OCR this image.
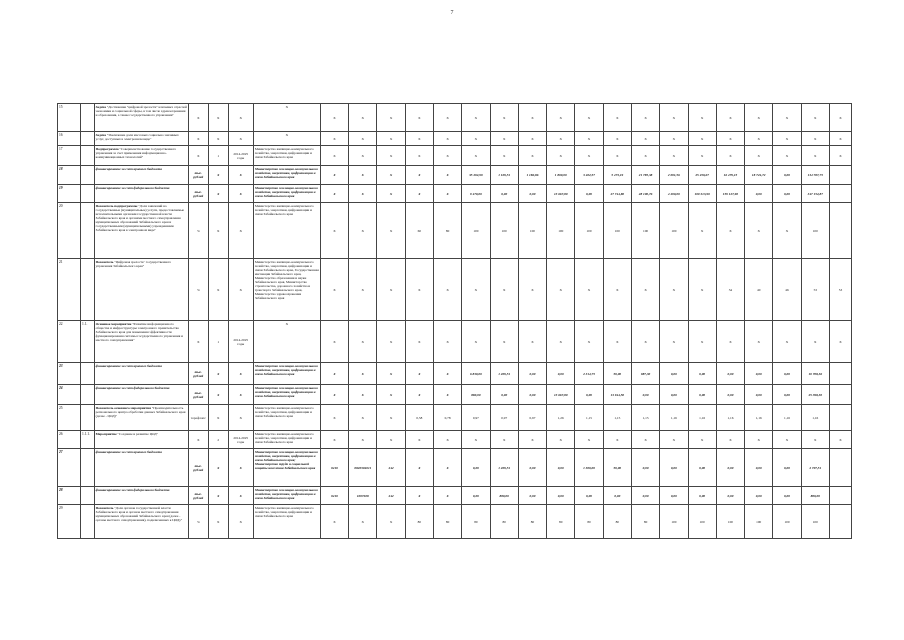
7
15		Задача "Достижение "цифровой зрелости" ключевых отраслей экономики и социальной сферы, в том числе здравоохранения и образования, а также государственного управления"	Х	Х	Х	Х	Х	Х	Х	Х	Х	Х	Х	Х	Х	Х	Х	Х	Х	Х	Х	Х	Х	Х	Х
16		Задача "Увеличение доли массовых социально значимых услуг, доступных в электронном виде"	Х	Х	Х	Х	Х	Х	Х	Х	Х	Х	Х	Х	Х	Х	Х	Х	Х	Х	Х	Х	Х	Х	Х
17		Подпрограмма "Совершенствование государственного управления за счет применения информационно-коммуникационных технологий"	Х	1	2014-2025 годы	Министерство жилищно-коммунального хозяйства, энергетики, цифровизации и связи Забайкальского края	Х	Х	Х	Х	Х	Х	Х	Х	Х	Х	Х	Х	Х	Х	Х	Х	Х	Х	Х
18		финансирование за счет краевого бюджета	тыс. рублей	Х	Х	Министерство жилищно-коммунального хозяйства, энергетики, цифровизации и связи Забайкальского края	Х	Х	Х	Х	Х	35 292,99	1 109,51	1 186,86	1 800,00	3 402,57	5 473,19	21 785,38	2 001,56	25 450,67	16 479,15	18 724,72	0,00	134 787,75	
19		финансирование за счет федерального бюджета	тыс. рублей	Х	Х	Министерство жилищно-коммунального хозяйства, энергетики, цифровизации и связи Забайкальского края	Х	Х	Х	Х	Х	9 470,00	0,00	0,00	13 667,80	0,00	27 744,80	28 100,76	4 200,00	100 313,90	159 127,90	0,00	0,00	347 152,87	
20		Показатель подпрограммы "Доля заявлений на государственные (муниципальные) услуги, предоставляемые исполнительными органами государственной власти Забайкальского края и органами местного самоуправления муниципальных образований Забайкальского края и государственными (муниципальными) учреждениями Забайкальского края в электронном виде"	%	Х	Х	Министерство жилищно-коммунального хозяйства, энергетики, цифровизации и связи Забайкальского края	Х	Х	Х	60	80	100	100	100	100	100	100	100	100	Х	Х	Х	Х	100	
21		Показатель "Цифровая зрелость" государственного управления Забайкальского края"	%	Х	Х	Министерство жилищно-коммунального хозяйства, энергетики, цифровизации и связи Забайкальского края, Государственная инспекция Забайкальского края, Министерство образования и науки Забайкальского края, Министерство строительства, дорожного хозяйства и транспорта Забайкальского края, Министерство здравоохранения Забайкальского края	Х	Х	Х	Х	Х	Х	Х	Х	Х	Х	Х	Х	Х	Х	34	40	46	53	53
22	1.1.	Основное мероприятие "Развитие информационного общества и инфраструктуры электронного правительства Забайкальского края для повышения эффективности функционирования системы государственного управления и местного самоуправления"	Х	1	2014-2025 годы	Х	Х	Х	Х	Х	Х	Х	Х	Х	Х	Х	Х	Х	Х	Х	Х	Х	Х	Х	Х
23		финансирование за счет краевого бюджета	тыс. рублей	Х	Х	Министерство жилищно-коммунального хозяйства, энергетики, цифровизации и связи Забайкальского края	Х	Х	Х	Х	Х	6 830,00	1 209,51	0,00	0,00	2 314,75	50,00	987,30	0,00	0,00	0,00	0,00	0,00	10 708,36	
24		финансирование за счет федерального бюджета	тыс. рублей	Х	Х	Министерство жилищно-коммунального хозяйства, энергетики, цифровизации и связи Забайкальского края	Х	Х	Х	Х	Х	880,00	0,00	0,00	13 667,80	0,00	13 944,50	0,00	0,00	0,00	0,00	0,00	0,00	25 398,30	
25		Показатель основного мероприятия "Производительность регионального центра обработки данных Забайкальского края (далее - ЦОД)"	терафлопс	Х	Х	Министерство жилищно-коммунального хозяйства, энергетики, цифровизации и связи Забайкальского края	Х	Х	Х	0,58	0,78	0,97	0,97	0,97	1,26	1,15	1,15	1,15	1,16	1,16	1,16	1,16	1,16	1,16	
26	1.1.1.	Мероприятие "Создание и развитие ЦОД"	Х	2	2014-2025 годы	Министерство жилищно-коммунального хозяйства, энергетики, цифровизации и связи Забайкальского края	Х	Х	Х	Х	Х	Х	Х	Х	Х	Х	Х	Х	Х	Х	Х	Х	Х	Х	Х
27		финансирование за счет краевого бюджета	тыс. рублей	Х	Х	Министерство жилищно-коммунального хозяйства, энергетики, цифровизации и связи Забайкальского края; Министерство труда и социальной защиты населения Забайкальского края	0410	0820304011	242	Х	Х	0,00	1 209,51	0,00	0,00	1 300,00	50,00	0,00	0,00	0,00	0,00	0,00	0,00	2 707,51	
28		финансирование за счет федерального бюджета	тыс. рублей	Х	Х	Министерство жилищно-коммунального хозяйства, энергетики, цифровизации и связи Забайкальского края	0410	1007028	242	Х	Х	0,00	880,00	0,00	0,00	0,00	0,00	0,00	0,00	0,00	0,00	0,00	0,00	880,00	
29		Показатель "Доля органов государственной власти Забайкальского края и органов местного самоуправления муниципальных образований Забайкальского края (далее - органы местного самоуправления), подключенных к ЦОДу"	%	Х	Х	Министерство жилищно-коммунального хозяйства, энергетики, цифровизации и связи Забайкальского края	Х	Х	Х	80	80	80	80	80	80	80	80	80	100	100	100	100	100	100	
